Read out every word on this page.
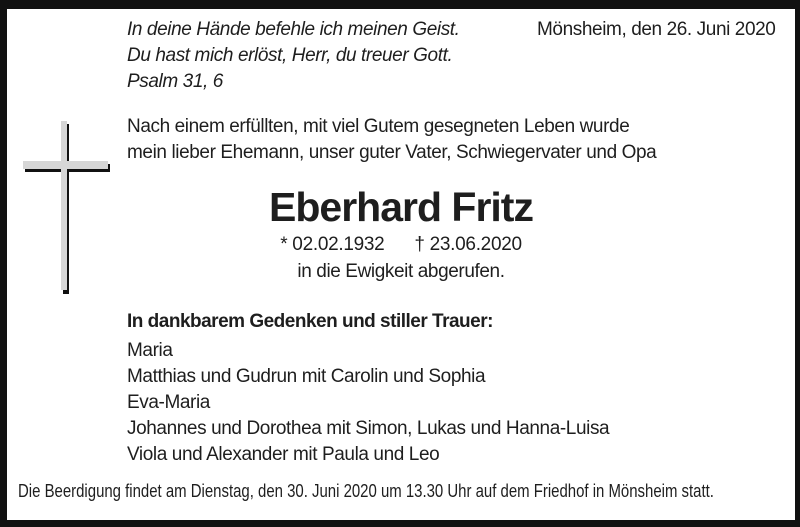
In deine Hände befehle ich meinen Geist.
Du hast mich erlöst, Herr, du treuer Gott.
Psalm 31, 6
Mönsheim, den 26. Juni 2020
Nach einem erfüllten, mit viel Gutem gesegneten Leben wurde
mein lieber Ehemann, unser guter Vater, Schwiegervater und Opa
Eberhard Fritz
* 02.02.1932 † 23.06.2020
in die Ewigkeit abgerufen.
In dankbarem Gedenken und stiller Trauer:
Maria
Matthias und Gudrun mit Carolin und Sophia
Eva-Maria
Johannes und Dorothea mit Simon, Lukas und Hanna-Luisa
Viola und Alexander mit Paula und Leo
Die Beerdigung findet am Dienstag, den 30. Juni 2020 um 13.30 Uhr auf dem Friedhof in Mönsheim statt.
